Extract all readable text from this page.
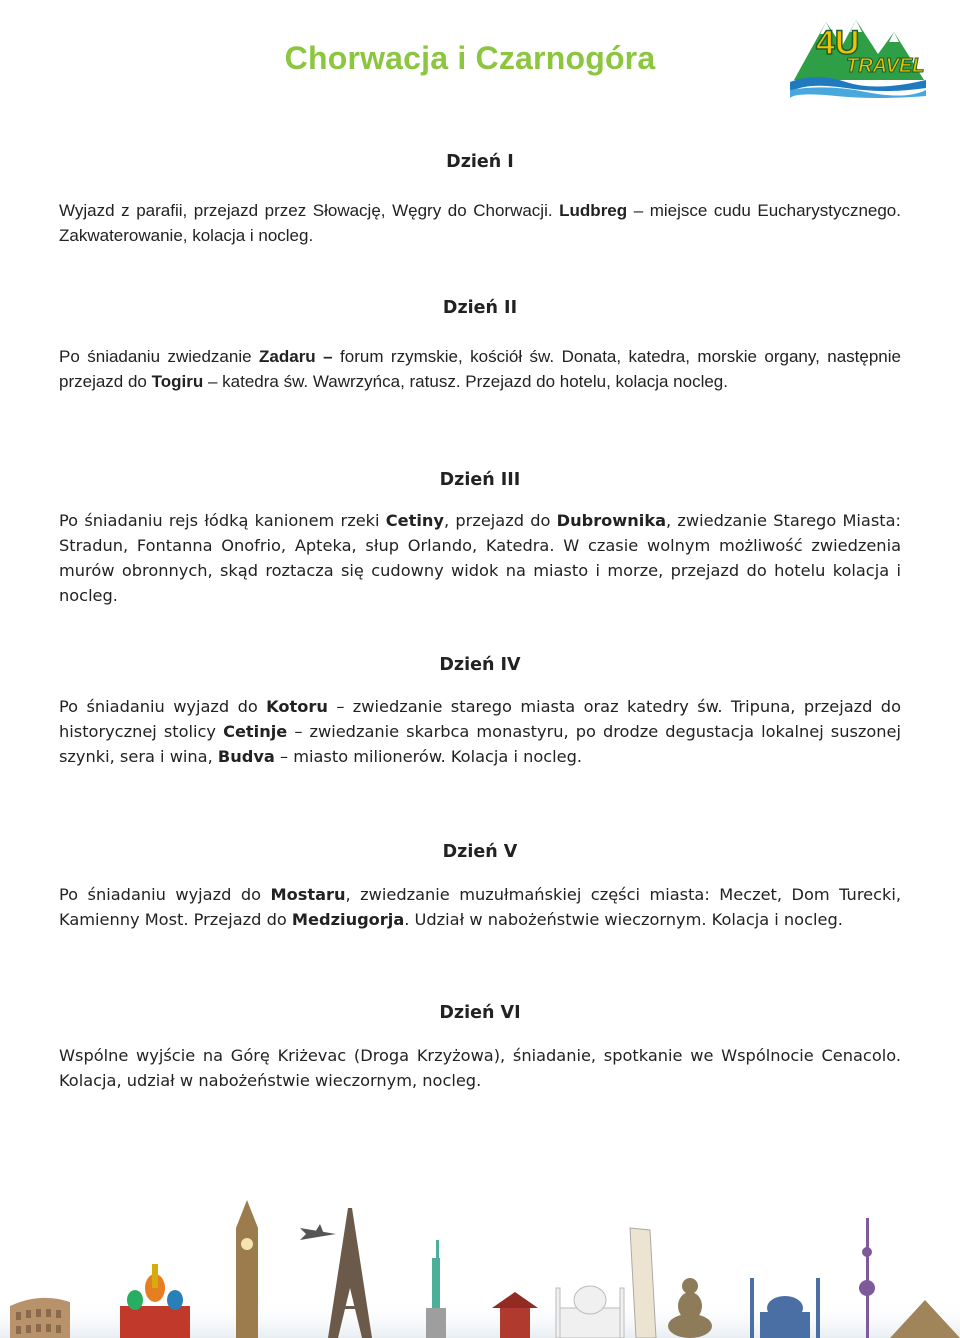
Chorwacja i Czarnogóra	4U
TRAVEL
Dzień I
Wyjazd z parafii, przejazd przez Słowację, Węgry do Chorwacji. Ludbreg – miejsce cudu Eucharystycznego. Zakwaterowanie, kolacja i nocleg.
Dzień II
Po śniadaniu zwiedzanie Zadaru – forum rzymskie, kościół św. Donata, katedra, morskie organy, następnie przejazd do Togiru – katedra św. Wawrzyńca, ratusz. Przejazd do hotelu, kolacja nocleg.
Dzień III
Po śniadaniu rejs łódką kanionem rzeki Cetiny, przejazd do Dubrownika, zwiedzanie Starego Miasta: Stradun, Fontanna Onofrio, Apteka, słup Orlando, Katedra. W czasie wolnym możliwość zwiedzenia murów obronnych, skąd roztacza się cudowny widok na miasto i morze, przejazd do hotelu kolacja i nocleg.
Dzień IV
Po śniadaniu wyjazd do Kotoru – zwiedzanie starego miasta oraz katedry św. Tripuna, przejazd do historycznej stolicy Cetinje – zwiedzanie skarbca monastyru, po drodze degustacja lokalnej suszonej szynki, sera i wina, Budva – miasto milionerów. Kolacja i nocleg.
Dzień V
Po śniadaniu wyjazd do Mostaru, zwiedzanie muzułmańskiej części miasta: Meczet, Dom Turecki, Kamienny Most. Przejazd do Medziugorja. Udział w nabożeństwie wieczornym. Kolacja i nocleg.
Dzień VI
Wspólne wyjście na Górę Kriżevac (Droga Krzyżowa), śniadanie, spotkanie we Wspólnocie Cenacolo. Kolacja, udział w nabożeństwie wieczornym, nocleg.
